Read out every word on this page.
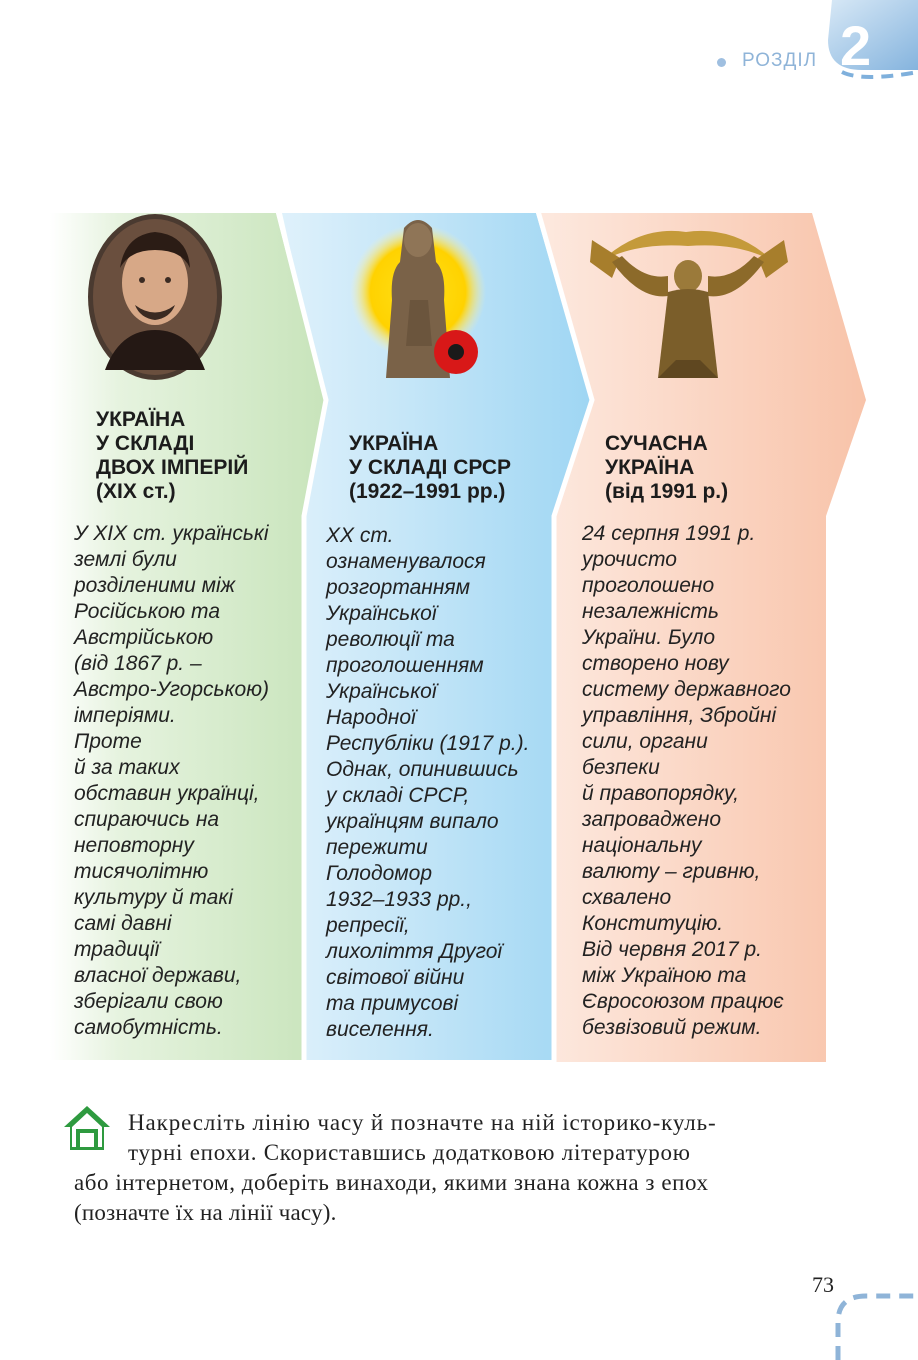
РОЗДІЛ 2
УКРАЇНА
У СКЛАДІ
ДВОХ ІМПЕРІЙ
(XIX ст.)
У XIX ст. українські
землі були
розділеними між
Російською та
Австрійською
(від 1867 р. –
Австро-Угорською)
імперіями.
Проте
й за таких
обставин українці,
спираючись на
неповторну
тисячолітню
культуру й такі
самі давні
традиції
власної держави,
зберігали свою
самобутність.
УКРАЇНА
У СКЛАДІ СРСР
(1922–1991 рр.)
XX ст.
ознаменувалося
розгортанням
Української
революції та
проголошенням
Української
Народної
Республіки (1917 р.).
Однак, опинившись
у складі СРСР,
українцям випало
пережити
Голодомор
1932–1933 рр.,
репресії,
лихоліття Другої
світової війни
та примусові
виселення.
СУЧАСНА
УКРАЇНА
(від 1991 р.)
24 серпня 1991 р.
урочисто
проголошено
незалежність
України. Було
створено нову
систему державного
управління, Збройні
сили, органи
безпеки
й правопорядку,
запроваджено
національну
валюту – гривню,
схвалено
Конституцію.
Від червня 2017 р.
між Україною та
Євросоюзом працює
безвізовий режим.
Накресліть лінію часу й позначте на ній історико-куль-
турні епохи. Скориставшись додатковою літературою
або інтернетом, доберіть винаходи, якими знана кожна з епох
(позначте їх на лінії часу).
73
